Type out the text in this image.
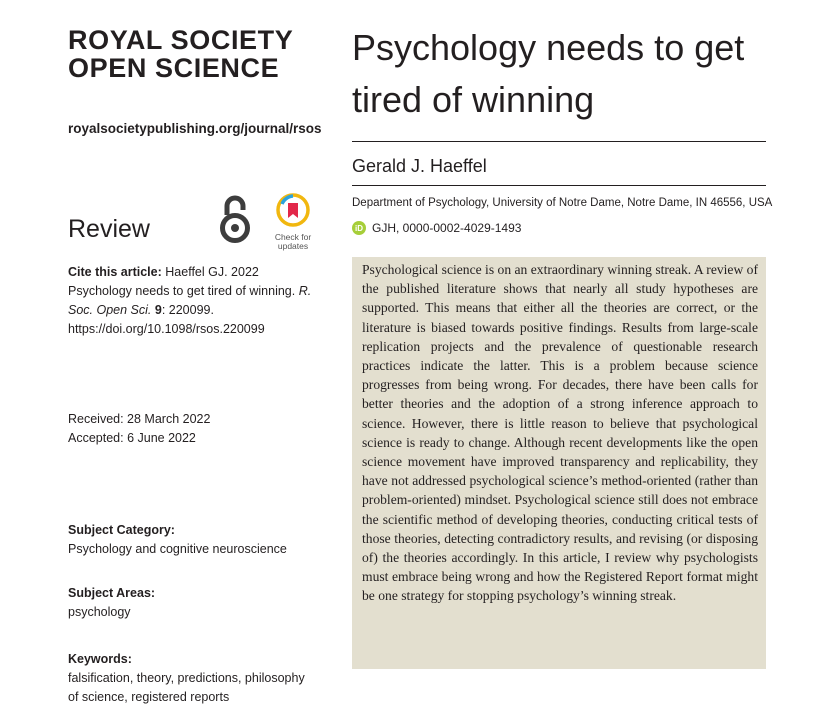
ROYAL SOCIETY
OPEN SCIENCE
royalsocietypublishing.org/journal/rsos
Review	Check for
updates
Cite this article: Haeffel GJ. 2022 Psychology needs to get tired of winning. R. Soc. Open Sci. 9: 220099.
https://doi.org/10.1098/rsos.220099
Received: 28 March 2022
Accepted: 6 June 2022
Subject Category:
Psychology and cognitive neuroscience
Subject Areas:
psychology
Keywords:
falsification, theory, predictions, philosophy of science, registered reports
Psychology needs to get tired of winning
Gerald J. Haeffel
Department of Psychology, University of Notre Dame, Notre Dame, IN 46556, USA
iD GJH, 0000-0002-4029-1493
Psychological science is on an extraordinary winning streak. A review of the published literature shows that nearly all study hypotheses are supported. This means that either all the theories are correct, or the literature is biased towards positive findings. Results from large-scale replication projects and the prevalence of questionable research practices indicate the latter. This is a problem because science progresses from being wrong. For decades, there have been calls for better theories and the adoption of a strong inference approach to science. However, there is little reason to believe that psychological science is ready to change. Although recent developments like the open science movement have improved transparency and replicability, they have not addressed psychological science’s method-oriented (rather than problem-oriented) mindset. Psychological science still does not embrace the scientific method of developing theories, conducting critical tests of those theories, detecting contradictory results, and revising (or disposing of) the theories accordingly. In this article, I review why psychologists must embrace being wrong and how the Registered Report format might be one strategy for stopping psychology’s winning streak.
